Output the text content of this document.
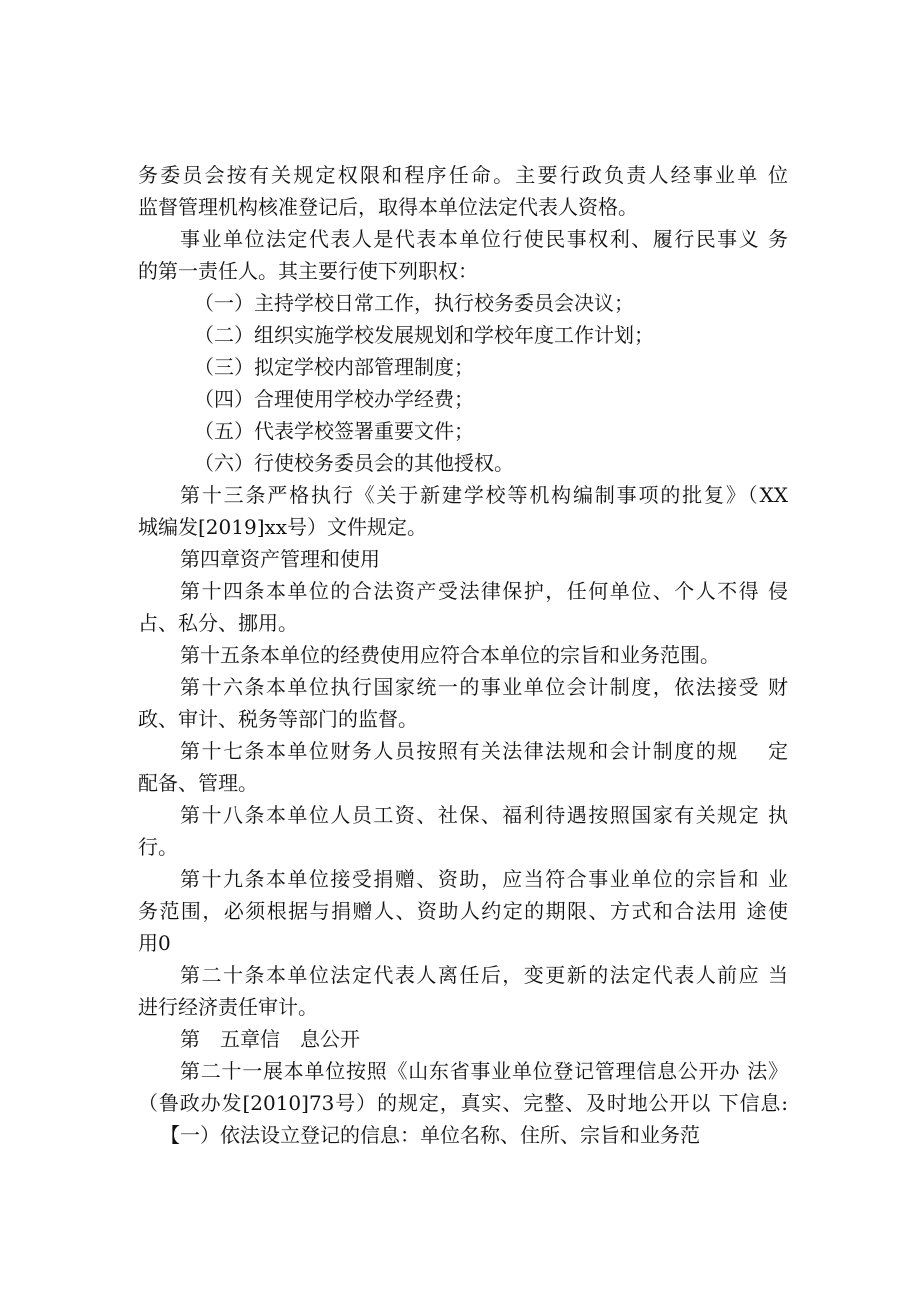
务委员会按有关规定权限和程序任命。主要行政负责人经事业单 位
监督管理机构核准登记后，取得本单位法定代表人资格。
事业单位法定代表人是代表本单位行使民事权利、履行民事义 务
的第一责任人。其主要行使下列职权：
（一）主持学校日常工作，执行校务委员会决议；
（二）组织实施学校发展规划和学校年度工作计划；
（三）拟定学校内部管理制度；
（四）合理使用学校办学经费；
（五）代表学校签署重要文件；
（六）行使校务委员会的其他授权。
第十三条严格执行《关于新建学校等机构编制事项的批复》（XX
城编发[2019]xx号）文件规定。
第四章资产管理和使用
第十四条本单位的合法资产受法律保护，任何单位、个人不得 侵
占、私分、挪用。
第十五条本单位的经费使用应符合本单位的宗旨和业务范围。
第十六条本单位执行国家统一的事业单位会计制度，依法接受 财
政、审计、税务等部门的监督。
第十七条本单位财务人员按照有关法律法规和会计制度的规　 定
配备、管理。
第十八条本单位人员工资、社保、福利待遇按照国家有关规定 执
行。
第十九条本单位接受捐赠、资助，应当符合事业单位的宗旨和 业
务范围，必须根据与捐赠人、资助人约定的期限、方式和合法用 途使
用0
第二十条本单位法定代表人离任后，变更新的法定代表人前应 当
进行经济责任审计。
第　五章信　息公开
第二十一展本单位按照《山东省事业单位登记管理信息公开办 法》
（鲁政办发[2010]73号）的规定，真实、完整、及时地公开以 下信息:
【一）依法设立登记的信息：单位名称、住所、宗旨和业务范
